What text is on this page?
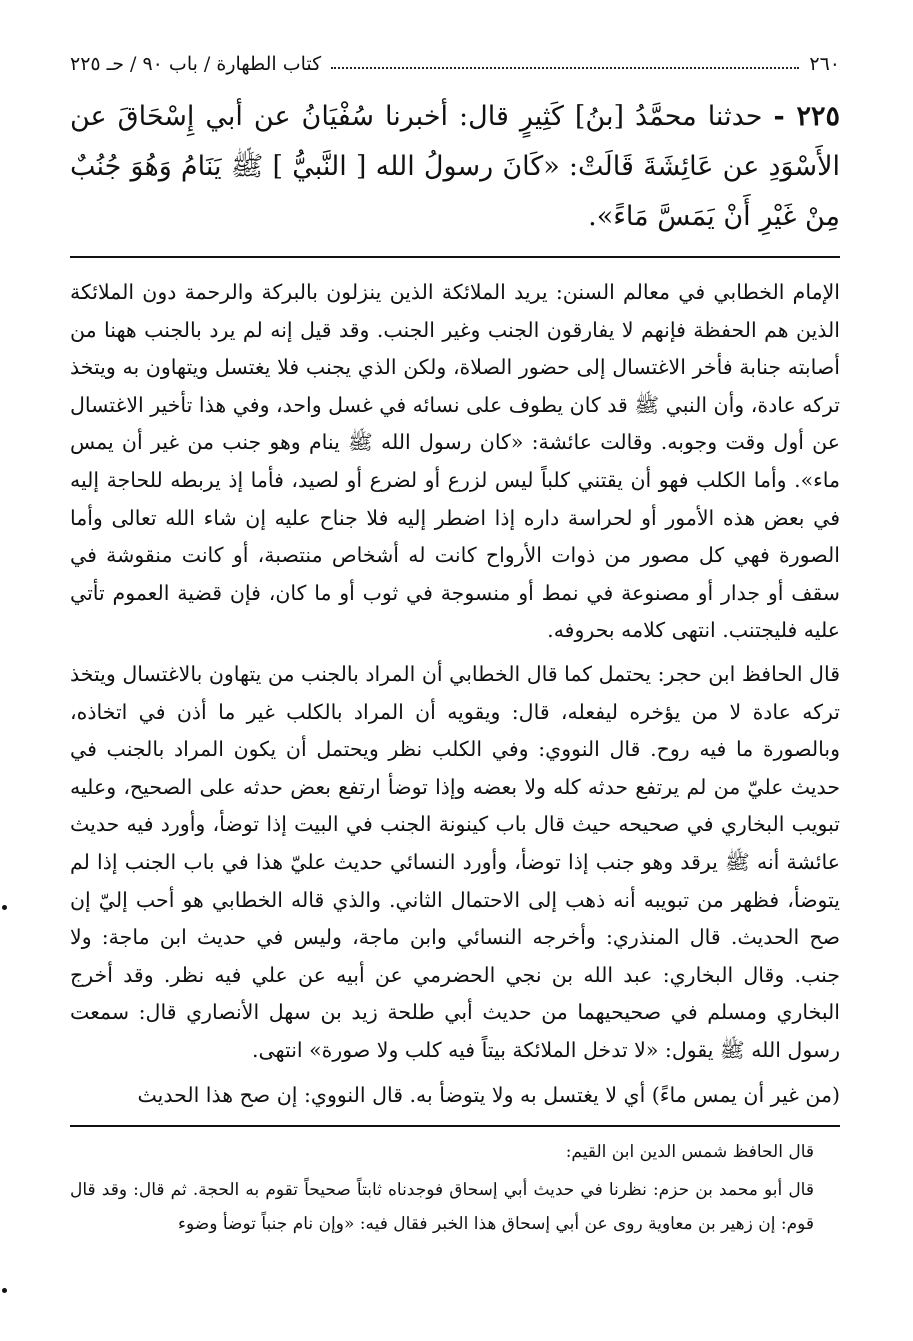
٢٦٠
كتاب الطهارة / باب ٩٠ / حـ ٢٢٥
٢٢٥ - حدثنا محمَّدُ [بنُ] كَثِيرٍ قال: أخبرنا سُفْيَانُ عن أبي إِسْحَاقَ عن الأَسْوَدِ عن عَائِشَةَ قَالَتْ: «كَانَ رسولُ الله [ النَّبيُّ ] ﷺ يَنَامُ وَهُوَ جُنُبٌ مِنْ غَيْرِ أَنْ يَمَسَّ مَاءً».

الإمام الخطابي في معالم السنن: يريد الملائكة الذين ينزلون بالبركة والرحمة دون الملائكة الذين هم الحفظة فإنهم لا يفارقون الجنب وغير الجنب. وقد قيل إنه لم يرد بالجنب ههنا من أصابته جنابة فأخر الاغتسال إلى حضور الصلاة، ولكن الذي يجنب فلا يغتسل ويتهاون به ويتخذ تركه عادة، وأن النبي ﷺ قد كان يطوف على نسائه في غسل واحد، وفي هذا تأخير الاغتسال عن أول وقت وجوبه. وقالت عائشة: «كان رسول الله ﷺ ينام وهو جنب من غير أن يمس ماء». وأما الكلب فهو أن يقتني كلباً ليس لزرع أو لضرع أو لصيد، فأما إذ يربطه للحاجة إليه في بعض هذه الأمور أو لحراسة داره إذا اضطر إليه فلا جناح عليه إن شاء الله تعالى وأما الصورة فهي كل مصور من ذوات الأرواح كانت له أشخاص منتصبة، أو كانت منقوشة في سقف أو جدار أو مصنوعة في نمط أو منسوجة في ثوب أو ما كان، فإن قضية العموم تأتي عليه فليجتنب. انتهى كلامه بحروفه.

قال الحافظ ابن حجر: يحتمل كما قال الخطابي أن المراد بالجنب من يتهاون بالاغتسال ويتخذ تركه عادة لا من يؤخره ليفعله، قال: ويقويه أن المراد بالكلب غير ما أذن في اتخاذه، وبالصورة ما فيه روح. قال النووي: وفي الكلب نظر ويحتمل أن يكون المراد بالجنب في حديث عليّ من لم يرتفع حدثه كله ولا بعضه وإذا توضأ ارتفع بعض حدثه على الصحيح، وعليه تبويب البخاري في صحيحه حيث قال باب كينونة الجنب في البيت إذا توضأ، وأورد فيه حديث عائشة أنه ﷺ يرقد وهو جنب إذا توضأ، وأورد النسائي حديث عليّ هذا في باب الجنب إذا لم يتوضأ، فظهر من تبويبه أنه ذهب إلى الاحتمال الثاني. والذي قاله الخطابي هو أحب إليّ إن صح الحديث. قال المنذري: وأخرجه النسائي وابن ماجة، وليس في حديث ابن ماجة: ولا جنب. وقال البخاري: عبد الله بن نجي الحضرمي عن أبيه عن علي فيه نظر. وقد أخرج البخاري ومسلم في صحيحيهما من حديث أبي طلحة زيد بن سهل الأنصاري قال: سمعت رسول الله ﷺ يقول: «لا تدخل الملائكة بيتاً فيه كلب ولا صورة» انتهى.

(من غير أن يمس ماءً) أي لا يغتسل به ولا يتوضأ به. قال النووي: إن صح هذا الحديث

قال الحافظ شمس الدين ابن القيم:

قال أبو محمد بن حزم: نظرنا في حديث أبي إسحاق فوجدناه ثابتاً صحيحاً تقوم به الحجة. ثم قال: وقد قال قوم: إن زهير بن معاوية روى عن أبي إسحاق هذا الخبر فقال فيه: «وإن نام جنباً توضأ وضوء
